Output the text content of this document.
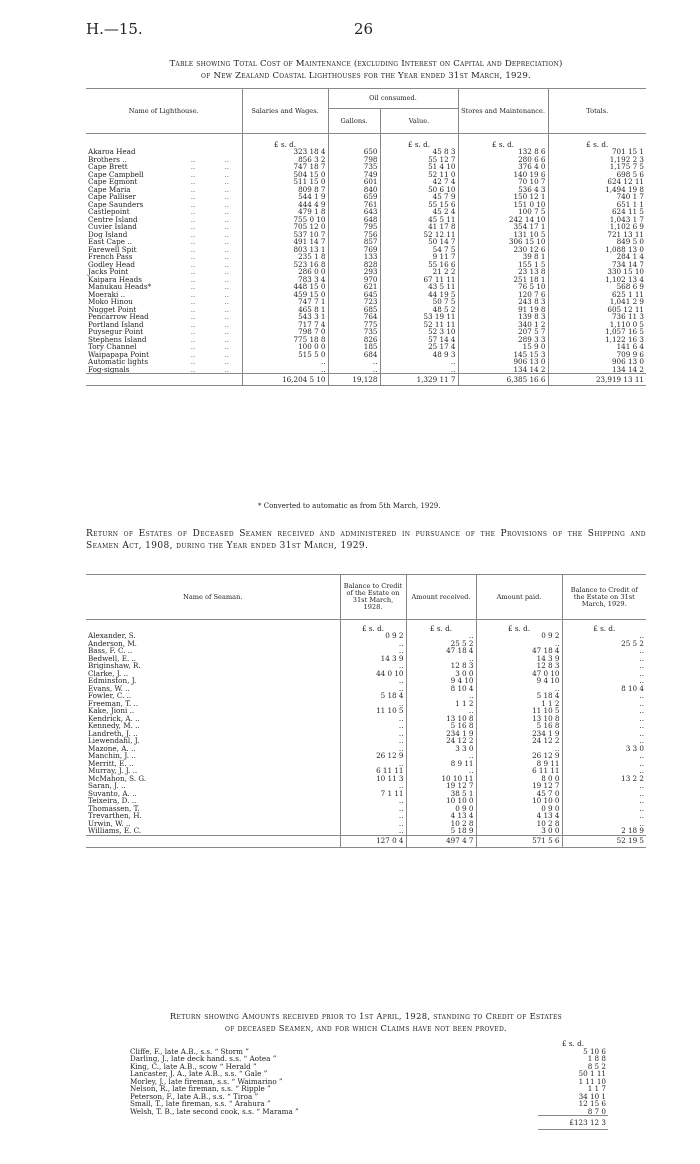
H.—15.	26
Table showing Total Cost of Maintenance (excluding Interest on Capital and Depreciation)
of New Zealand Coastal Lighthouses for the Year ended 31st March, 1929.
Name of Lighthouse.			Salaries and Wages.	Oil consumed.		Stores and Maintenance.	Totals.
				Gallons.	Value.		
			£ s. d.		£ s. d.	£ s. d.	£ s. d.
Akaroa Head			323 18 4	650	45 8 3	132 8 6	701 15 1
Brothers ..	..	..	856 3 2	798	55 12 7	280 6 6	1,192 2 3
Cape Brett	..	..	747 18 7	735	51 4 10	376 4 0	1,175 7 5
Cape Campbell	..	..	504 15 0	749	52 11 0	140 19 6	698 5 6
Cape Egmont	..	..	511 15 0	601	42 7 4	70 10 7	624 12 11
Cape Maria	..	..	809 8 7	840	50 6 10	536 4 3	1,494 19 8
Cape Palliser	..	..	544 1 9	659	45 7 9	150 12 1	740 1 7
Cape Saunders	..	..	444 4 9	761	55 15 6	151 0 10	651 1 1
Castlepoint	..	..	479 1 8	643	45 2 4	100 7 5	624 11 5
Centre Island	..	..	755 0 10	648	45 5 11	242 14 10	1,043 1 7
Cuvier Island	..	..	705 12 0	795	41 17 8	354 17 1	1,102 6 9
Dog Island	..	..	537 10 7	756	52 12 11	131 10 5	721 13 11
East Cape ..	..	..	491 14 7	857	50 14 7	306 15 10	849 5 0
Farewell Spit	..	..	803 13 1	769	54 7 5	230 12 6	1,088 13 0
French Pass	..	..	235 1 8	133	9 11 7	39 8 1	284 1 4
Godley Head	..	..	523 16 8	828	55 16 6	155 1 5	734 14 7
Jacks Point	..	..	286 0 0	293	21 2 2	23 13 8	330 15 10
Kaipara Heads	..	..	783 3 4	970	67 11 11	251 18 1	1,102 13 4
Manukau Heads*	..	..	448 15 0	621	43 5 11	76 5 10	568 6 9
Moeraki ..	..	..	459 15 0	645	44 19 5	120 7 6	625 1 11
Moko Hinou	..	..	747 7 1	723	50 7 5	243 8 3	1,041 2 9
Nugget Point	..	..	465 8 1	685	48 5 2	91 19 8	605 12 11
Pencarrow Head	..	..	543 3 1	764	53 19 11	139 8 3	736 11 3
Portland Island	..	..	717 7 4	775	52 11 11	340 1 2	1,110 0 5
Puysegur Point	..	..	798 7 0	735	52 3 10	207 5 7	1,057 16 5
Stephens Island	..	..	775 18 8	826	57 14 4	289 3 3	1,122 16 3
Tory Channel	..	..	100 0 0	185	25 17 4	15 9 0	141 6 4
Waipapapa Point	..	..	515 5 0	684	48 9 3	145 15 3	709 9 6
Automatic lights	..	..	..	..	..	906 13 0	906 13 0
Fog-signals	..	..	..	..	..	134 14 2	134 14 2
			16,204 5 10	19,128	1,329 11 7	6,385 16 6	23,919 13 11
* Converted to automatic as from 5th March, 1929.
Return of Estates of Deceased Seamen received and administered in pursuance of the Provisions of the Shipping and Seamen Act, 1908, during the Year ended 31st March, 1929.
Name of Seaman.	Balance to Credit of the Estate on 31st March, 1928.	Amount received.	Amount paid.	Balance to Credit of the Estate on 31st March, 1929.
	£ s. d.	£ s. d.	£ s. d.	£ s. d.
Alexander, S.	0 9 2	..	0 9 2	..
Anderson, M.	..	25 5 2	..	25 5 2
Bass, F. C. ..	..	47 18 4	47 18 4	..
Bedwell, E. ..	14 3 9	..	14 3 9	..
Briginshaw, R.	..	12 8 3	12 8 3	..
Clarke, J. ..	44 0 10	3 0 0	47 0 10	..
Edminston, J.	..	9 4 10	9 4 10	..
Evans, W. ..	..	8 10 4	..	8 10 4
Fowler, C. ..	5 18 4	..	5 18 4	..
Freeman, T. ..	..	1 1 2	1 1 2	..
Kake, Jioni ..	11 10 5	..	11 10 5	..
Kendrick, A. ..	..	13 10 8	13 10 8	..
Kennedy, M. ..	..	5 16 8	5 16 8	..
Landreth, J. ..	..	234 1 9	234 1 9	..
Liewendahl, J.	..	24 12 2	24 12 2	..
Mazone, A. ..	..	3 3 0	..	3 3 0
Manchin, J. ..	26 12 9	..	26 12 9	..
Merritt, E. ..	..	8 9 11	8 9 11	..
Murray, J. J. ..	6 11 11	..	6 11 11	..
McMahon, S. G.	10 11 3	10 10 11	8 0 0	13 2 2
Saran, J. ..	..	19 12 7	19 12 7	..
Suvanto, A. ..	7 1 11	38 5 1	45 7 0	..
Teixeira, D. ..	..	10 10 0	10 10 0	..
Thomassen, T.	..	0 9 0	0 9 0	..
Trevarthen, H.	..	4 13 4	4 13 4	..
Urwin, W. ..	..	10 2 8	10 2 8	..
Williams, E. C.	..	5 18 9	3 0 0	2 18 9
	127 0 4	497 4 7	571 5 6	52 19 5
Return showing Amounts received prior to 1st April, 1928, standing to Credit of Estates
of deceased Seamen, and for which Claims have not been proved.
	£ s. d.
Cliffe, F., late A.B., s.s. “ Storm ”	5 10 6
Darling, J., late deck hand. s.s. “ Aotea ”	1 8 8
King, C., late A.B., scow “ Herald ”	8 5 2
Lancaster, J. A., late A.B., s.s. “ Gale ”	50 1 11
Morley, J., late fireman, s.s. “ Waimarino ”	1 11 10
Nelson, R., late fireman, s.s. “ Ripple ”	1 1 7
Peterson, F., late A.B., s.s. “ Tiroa ”	34 10 1
Small, T., late fireman, s.s. “ Arahura ”	12 15 6
Welsh, T. B., late second cook, s.s. “ Marama ”	8 7 0
	£123 12 3
